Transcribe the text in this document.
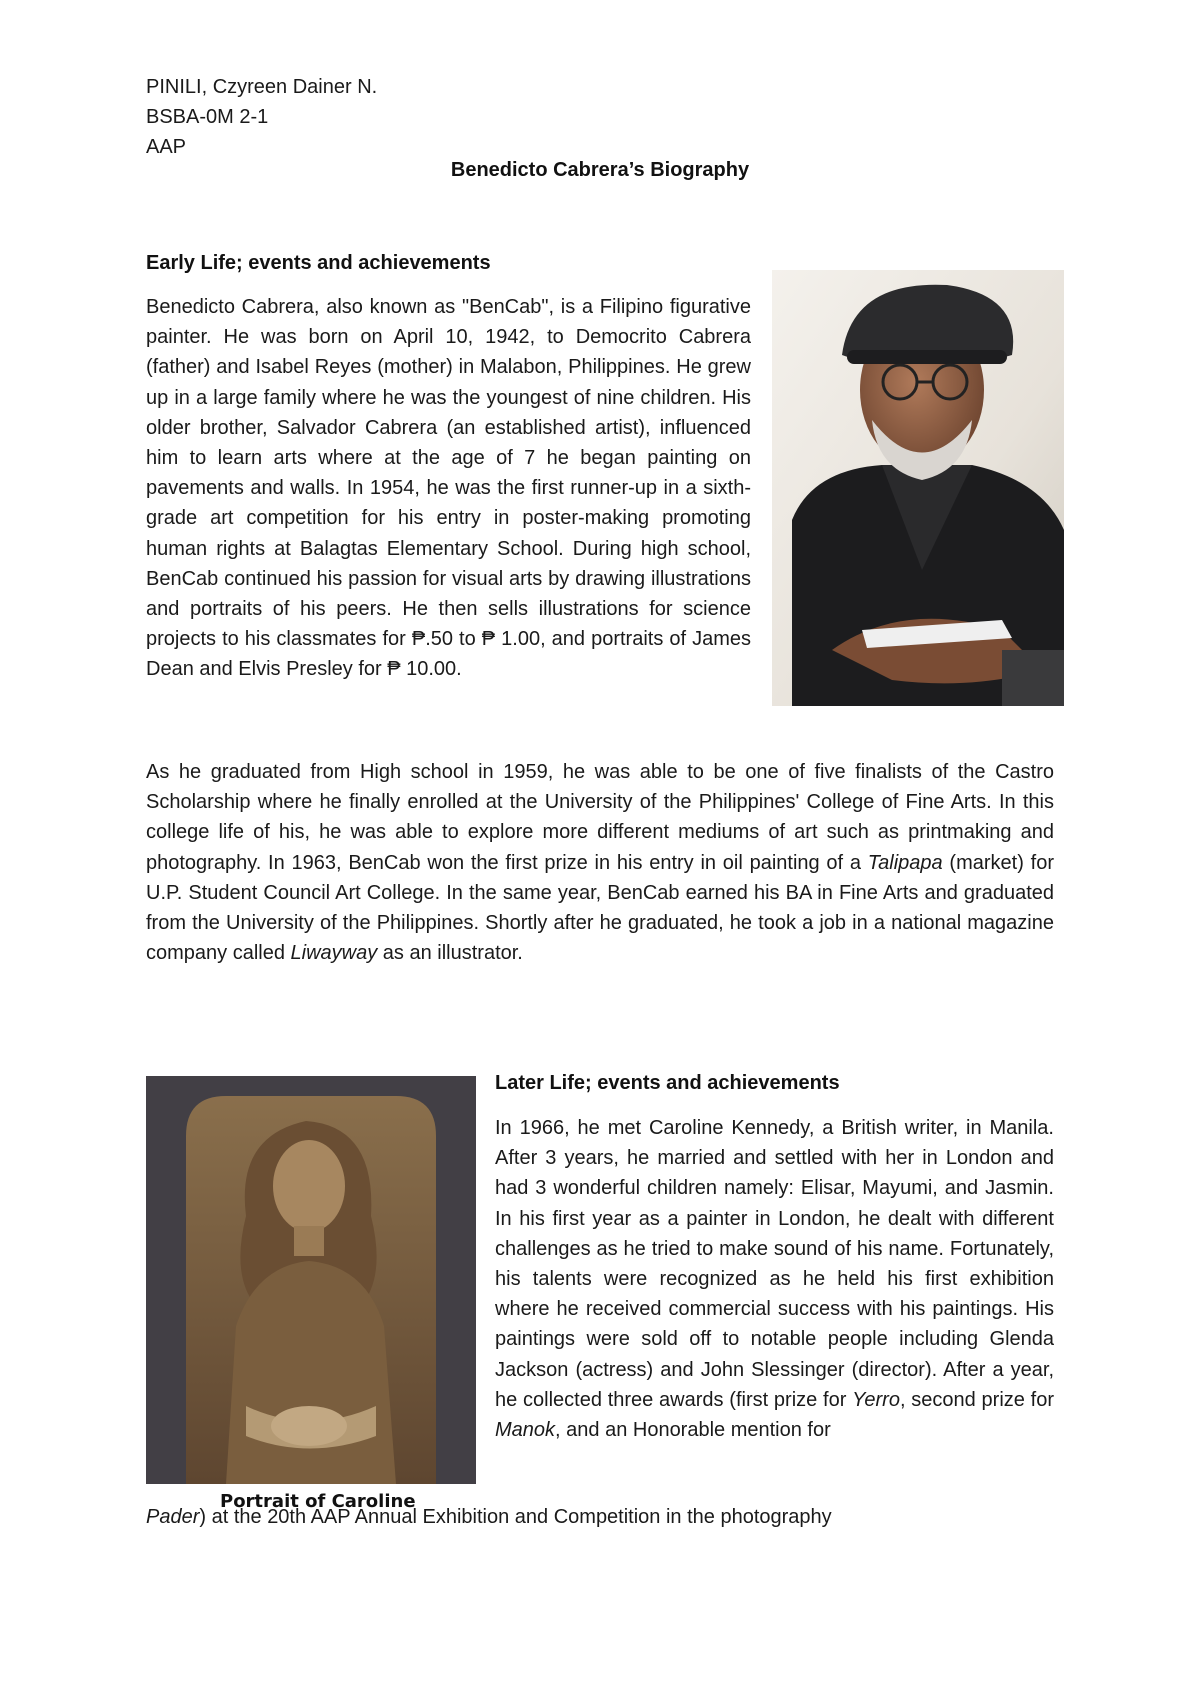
PINILI, Czyreen Dainer N.
BSBA-0M 2-1
AAP
Benedicto Cabrera’s Biography
Early Life; events and achievements

Benedicto Cabrera, also known as "BenCab", is a Filipino figurative painter. He was born on April 10, 1942, to Democrito Cabrera (father) and Isabel Reyes (mother) in Malabon, Philippines. He grew up in a large family where he was the youngest of nine children. His older brother, Salvador Cabrera (an established artist), influenced him to learn arts where at the age of 7 he began painting on pavements and walls. In 1954, he was the first runner-up in a sixth-grade art competition for his entry in poster-making promoting human rights at Balagtas Elementary School. During high school, BenCab continued his passion for visual arts by drawing illustrations and portraits of his peers. He then sells illustrations for science projects to his classmates for ₱.50 to ₱ 1.00, and portraits of James Dean and Elvis Presley for ₱ 10.00.

As he graduated from High school in 1959, he was able to be one of five finalists of the Castro Scholarship where he finally enrolled at the University of the Philippines' College of Fine Arts. In this college life of his, he was able to explore more different mediums of art such as printmaking and photography. In 1963, BenCab won the first prize in his entry in oil painting of a Talipapa (market) for U.P. Student Council Art College. In the same year, BenCab earned his BA in Fine Arts and graduated from the University of the Philippines. Shortly after he graduated, he took a job in a national magazine company called Liwayway as an illustrator.

Portrait of Caroline
Later Life; events and achievements

In 1966, he met Caroline Kennedy, a British writer, in Manila. After 3 years, he married and settled with her in London and had 3 wonderful children namely: Elisar, Mayumi, and Jasmin. In his first year as a painter in London, he dealt with different challenges as he tried to make sound of his name. Fortunately, his talents were recognized as he held his first exhibition where he received commercial success with his paintings. His paintings were sold off to notable people including Glenda Jackson (actress) and John Slessinger (director). After a year, he collected three awards (first prize for Yerro, second prize for Manok, and an Honorable mention for

Pader) at the 20th AAP Annual Exhibition and Competition in the photography
